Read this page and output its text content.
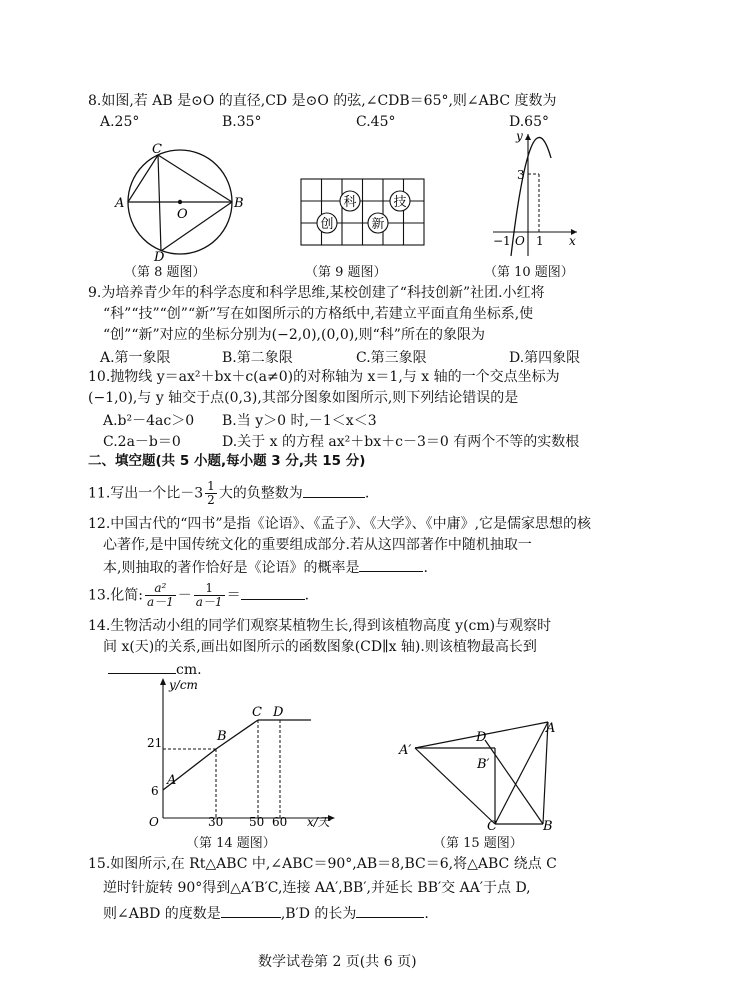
8.如图,若 AB 是⊙O 的直径,CD 是⊙O 的弦,∠CDB＝65°,则∠ABC 度数为
A.25°	B.35°	C.45°	D.65°
C
A
O
B
D
（第 8 题图）
科	技
创	新
（第 9 题图）
y
3
−1 O 1 x
（第 10 题图）
9.为培养青少年的科学态度和科学思维,某校创建了“科技创新”社团.小红将
“科”“技”“创”“新”写在如图所示的方格纸中,若建立平面直角坐标系,使
“创”“新”对应的坐标分别为(−2,0),(0,0),则“科”所在的象限为
A.第一象限	B.第二象限	C.第三象限	D.第四象限
10.抛物线 y＝ax²＋bx＋c(a≠0)的对称轴为 x＝1,与 x 轴的一个交点坐标为
(−1,0),与 y 轴交于点(0,3),其部分图象如图所示,则下列结论错误的是
A.b²－4ac＞0 B.当 y＞0 时,－1＜x＜3
C.2a－b＝0	D.关于 x 的方程 ax²＋bx＋c－3＝0 有两个不等的实数根
二、填空题(共 5 小题,每小题 3 分,共 15 分)
11.写出一个比$-3 \frac{1}{2}$ 大的负整数为	.
12.中国古代的“四书”是指《论语》、《孟子》、《大学》、《中庸》,它是儒家思想的核
心著作,是中国传统文化的重要组成部分.若从这四部著作中随机抽取一
本,则抽取的著作恰好是《论语》的概率是	.
13.化简: $\frac{\text{a²}}{a-1} - \frac{1}{a-1}$ ＝	.
14.生物活动小组的同学们观察某植物生长,得到该植物高度 y(cm)与观察时
间 x(天)的关系,画出如图所示的函数图象(CD∥x 轴).则该植物最高长到
cm.
y/cm
21
6
A
B
C D
O	30 50 60 x/天
（第 14 题图）
A′
D
A
B′
C	B
（第 15 题图）
15.如图所示,在 Rt△ABC 中,∠ABC＝90°,AB＝8,BC＝6,将△ABC 绕点 C
逆时针旋转 90°得到△A′B′C,连接 AA′,BB′,并延长 BB′交 AA′于点 D,
则∠ABD 的度数是	,B′D 的长为	.
数学试卷第 2 页(共 6 页)
